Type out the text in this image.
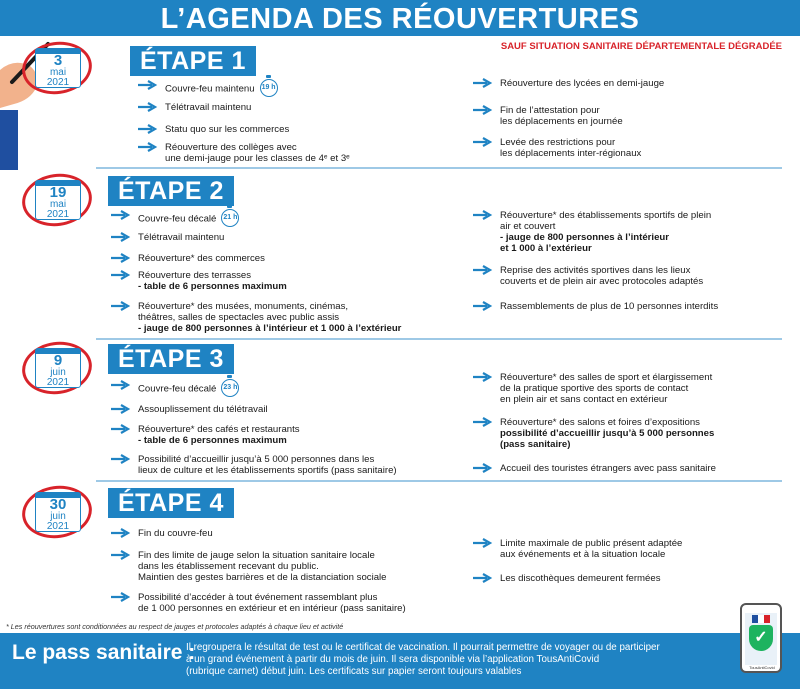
L’AGENDA DES RÉOUVERTURES
SAUF SITUATION SANITAIRE DÉPARTEMENTALE DÉGRADÉE
3
mai
2021
ÉTAPE 1
Couvre-feu maintenu 19 h
Télétravail maintenu
Statu quo sur les commerces
Réouverture des collèges avec
une demi-jauge pour les classes de 4ᵉ et 3ᵉ
Réouverture des lycées en demi-jauge
Fin de l’attestation pour
les déplacements en journée
Levée des restrictions pour
les déplacements inter-régionaux
19
mai
2021
ÉTAPE 2
Couvre-feu décalé 21 h
Télétravail maintenu
Réouverture* des commerces
Réouverture des terrasses
- table de 6 personnes maximum
Réouverture* des musées, monuments, cinémas,
théâtres, salles de spectacles avec public assis
- jauge de 800 personnes à l’intérieur et 1 000 à l’extérieur
Réouverture* des établissements sportifs de plein
air et couvert
- jauge de 800 personnes à l’intérieur
et 1 000 à l’extérieur
Reprise des activités sportives dans les lieux
couverts et de plein air avec protocoles adaptés
Rassemblements de plus de 10 personnes interdits
9
juin
2021
ÉTAPE 3
Couvre-feu décalé 23 h
Assouplissement du télétravail
Réouverture* des cafés et restaurants
- table de 6 personnes maximum
Possibilité d’accueillir jusqu’à 5 000 personnes dans les
lieux de culture et les établissements sportifs (pass sanitaire)
Réouverture* des salles de sport et élargissement
de la pratique sportive des sports de contact
en plein air et sans contact en extérieur
Réouverture* des salons et foires d’expositions
possibilité d’accueillir jusqu’à 5 000 personnes
(pass sanitaire)
Accueil des touristes étrangers avec pass sanitaire
30
juin
2021
ÉTAPE 4
Fin du couvre-feu
Fin des limite de jauge selon la situation sanitaire locale
dans les établissement recevant du public.
Maintien des gestes barrières et de la distanciation sociale
Possibilité d’accéder à tout événement rassemblant plus
de 1 000 personnes en extérieur et en intérieur (pass sanitaire)
Limite maximale de public présent adaptée
aux événements et à la situation locale
Les discothèques demeurent fermées
* Les réouvertures sont conditionnées au respect de jauges et protocoles adaptés à chaque lieu et activité
Le pass sanitaire :
Il regroupera le résultat de test ou le certificat de vaccination. Il pourrait permettre de voyager ou de participer
à un grand événement à partir du mois de juin. Il sera disponible via l’application TousAntiCovid
(rubrique carnet) début juin. Les certificats sur papier seront toujours valables
✓
TousAntiCovid
